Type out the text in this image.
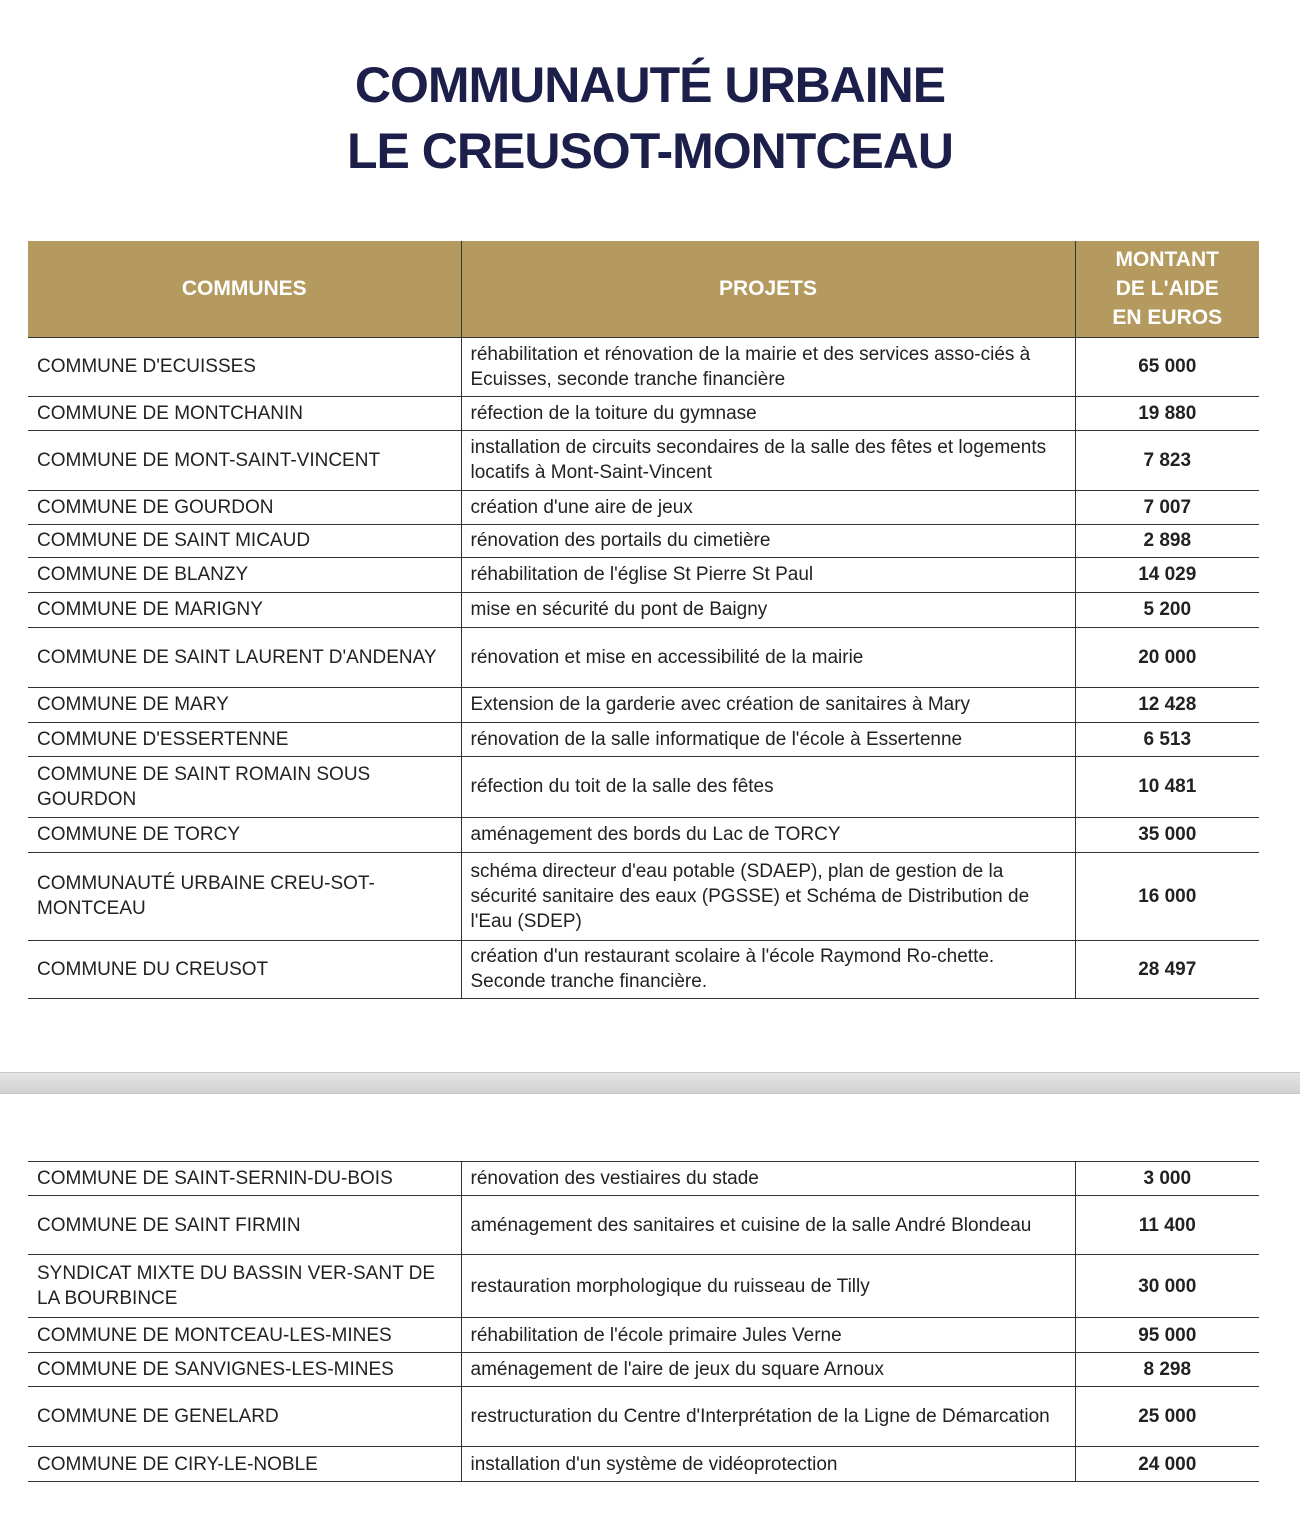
COMMUNAUTÉ URBAINE
LE CREUSOT-MONTCEAU
COMMUNES	PROJETS	MONTANT
DE L'AIDE
EN EUROS

COMMUNE D'ECUISSES	réhabilitation et rénovation de la mairie et des services asso-ciés à Ecuisses, seconde tranche financière	65 000
COMMUNE DE MONTCHANIN	réfection de la toiture du gymnase	19 880
COMMUNE DE MONT-SAINT-VINCENT	installation de circuits secondaires de la salle des fêtes et logements locatifs à Mont-Saint-Vincent	7 823
COMMUNE DE GOURDON	création d'une aire de jeux	7 007
COMMUNE DE SAINT MICAUD	rénovation des portails du cimetière	2 898
COMMUNE DE BLANZY	réhabilitation de l'église St Pierre St Paul	14 029
COMMUNE DE MARIGNY	mise en sécurité du pont de Baigny	5 200
COMMUNE DE SAINT LAURENT D'ANDENAY	rénovation et mise en accessibilité de la mairie	20 000
COMMUNE DE MARY	Extension de la garderie avec création de sanitaires à Mary	12 428
COMMUNE D'ESSERTENNE	rénovation de la salle informatique de l'école à Essertenne	6 513
COMMUNE DE SAINT ROMAIN SOUS GOURDON	réfection du toit de la salle des fêtes	10 481
COMMUNE DE TORCY	aménagement des bords du Lac de TORCY	35 000
COMMUNAUTÉ URBAINE CREU-SOT-MONTCEAU	schéma directeur d'eau potable (SDAEP), plan de gestion de la sécurité sanitaire des eaux (PGSSE) et Schéma de Distribution de l'Eau (SDEP)	16 000
COMMUNE DU CREUSOT	création d'un restaurant scolaire à l'école Raymond Ro-chette. Seconde tranche financière.	28 497
COMMUNE DE SAINT-SERNIN-DU-BOIS	rénovation des vestiaires du stade	3 000
COMMUNE DE SAINT FIRMIN	aménagement des sanitaires et cuisine de la salle André Blondeau	11 400
SYNDICAT MIXTE DU BASSIN VER-SANT DE LA BOURBINCE	restauration morphologique du ruisseau de Tilly	30 000
COMMUNE DE MONTCEAU-LES-MINES	réhabilitation de l'école primaire Jules Verne	95 000
COMMUNE DE SANVIGNES-LES-MINES	aménagement de l'aire de jeux du square Arnoux	8 298
COMMUNE DE GENELARD	restructuration du Centre d'Interprétation de la Ligne de Démarcation	25 000
COMMUNE DE CIRY-LE-NOBLE	installation d'un système de vidéoprotection	24 000
